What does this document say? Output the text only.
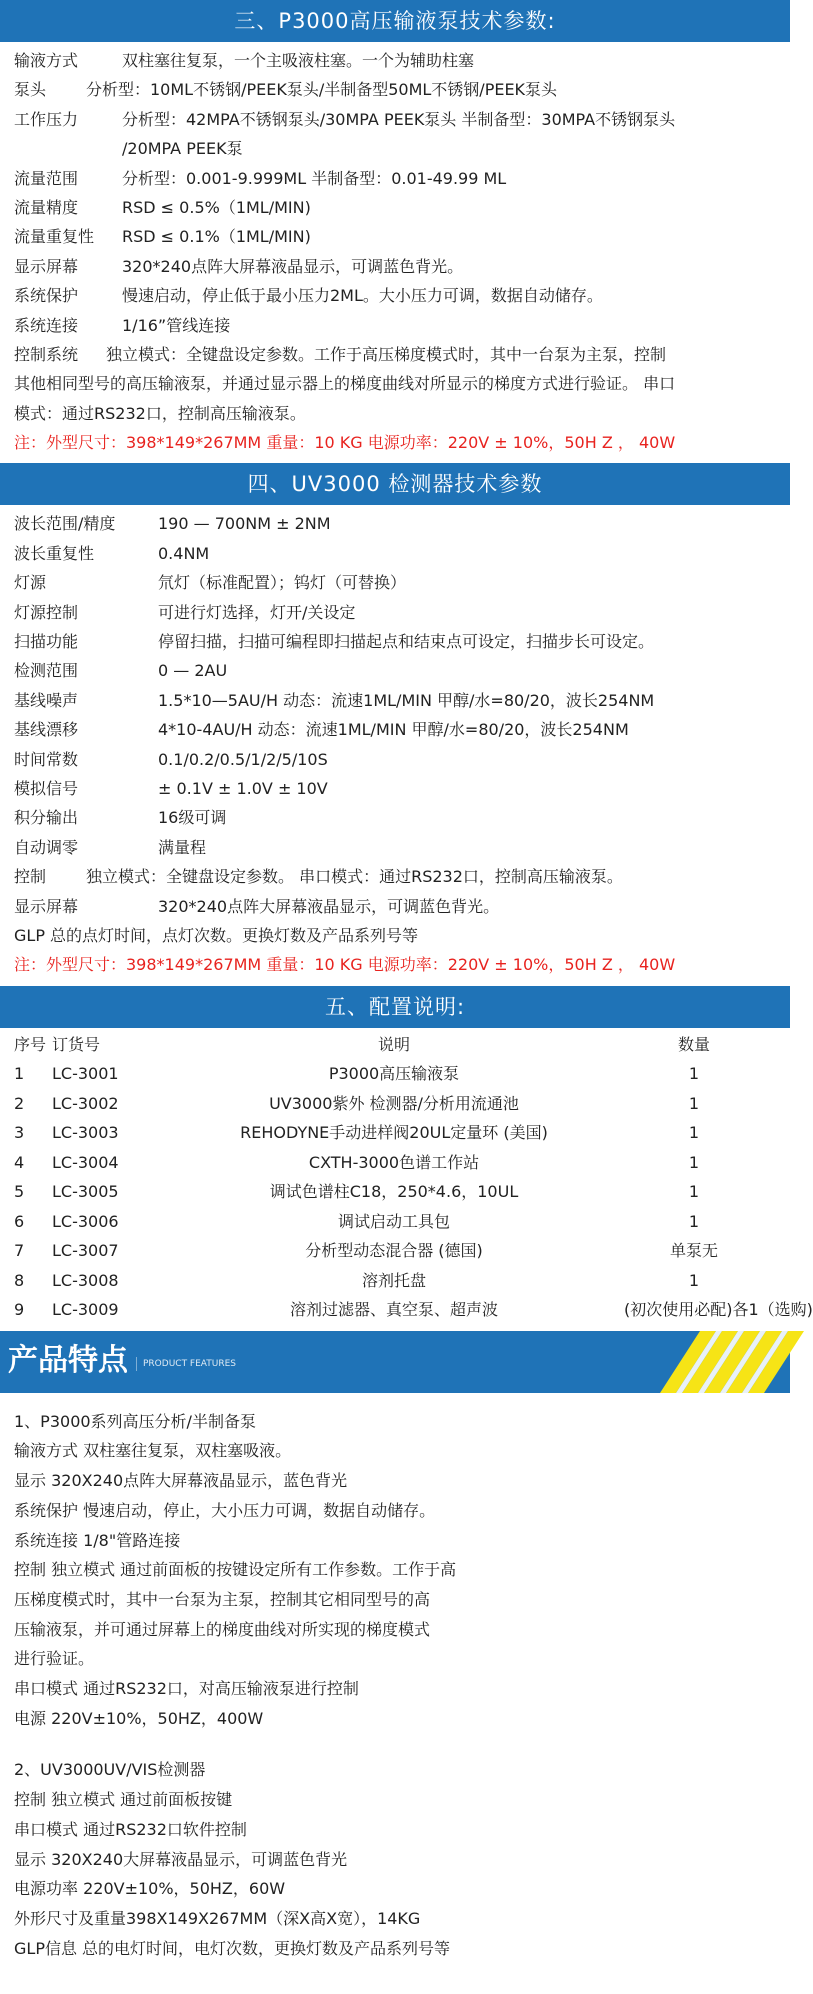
三、P3000高压输液泵技术参数:
输液方式	双柱塞往复泵，一个主吸液柱塞。一个为辅助柱塞
泵头	分析型：10ML不锈钢/PEEK泵头/半制备型50ML不锈钢/PEEK泵头
工作压力	分析型：42MPA不锈钢泵头/30MPA PEEK泵头 半制备型：30MPA不锈钢泵头
/20MPA PEEK泵
流量范围	分析型：0.001-9.999ML 半制备型：0.01-49.99 ML
流量精度	RSD ≤ 0.5%（1ML/MIN)
流量重复性	RSD ≤ 0.1%（1ML/MIN)
显示屏幕	320*240点阵大屏幕液晶显示，可调蓝色背光。
系统保护	慢速启动，停止低于最小压力2ML。大小压力可调，数据自动储存。
系统连接	1/16”管线连接
控制系统	独立模式：全键盘设定参数。工作于高压梯度模式时，其中一台泵为主泵，控制
其他相同型号的高压输液泵，并通过显示器上的梯度曲线对所显示的梯度方式进行验证。 串口
模式：通过RS232口，控制高压输液泵。
注：外型尺寸：398*149*267MM 重量：10 KG 电源功率：220V ± 10%，50H Z ， 40W
四、UV3000 检测器技术参数
波长范围/精度	190 — 700NM ± 2NM
波长重复性	0.4NM
灯源	氘灯（标准配置）；钨灯（可替换）
灯源控制	可进行灯选择，灯开/关设定
扫描功能	停留扫描，扫描可编程即扫描起点和结束点可设定，扫描步长可设定。
检测范围	0 — 2AU
基线噪声	1.5*10—5AU/H 动态：流速1ML/MIN 甲醇/水=80/20，波长254NM
基线漂移	4*10-4AU/H 动态：流速1ML/MIN 甲醇/水=80/20，波长254NM
时间常数	0.1/0.2/0.5/1/2/5/10S
模拟信号	± 0.1V ± 1.0V ± 10V
积分输出	16级可调
自动调零	满量程
控制	独立模式：全键盘设定参数。 串口模式：通过RS232口，控制高压输液泵。
显示屏幕	320*240点阵大屏幕液晶显示，可调蓝色背光。
GLP 总的点灯时间，点灯次数。更换灯数及产品系列号等
注：外型尺寸：398*149*267MM 重量：10 KG 电源功率：220V ± 10%，50H Z ， 40W
五、配置说明:
序号 订货号	说明	数量
1	LC-3001	P3000高压输液泵	1
2	LC-3002	UV3000紫外 检测器/分析用流通池	1
3	LC-3003	REHODYNE手动进样阀20UL定量环 (美国)	1
4	LC-3004	CXTH-3000色谱工作站	1
5	LC-3005	调试色谱柱C18，250*4.6，10UL	1
6	LC-3006	调试启动工具包	1
7	LC-3007	分析型动态混合器 (德国)	单泵无
8	LC-3008	溶剂托盘	1
9	LC-3009	溶剂过滤器、真空泵、超声波	(初次使用必配)各1（选购)
产品特点	PRODUCT FEATURES
1、P3000系列高压分析/半制备泵
输液方式 双柱塞往复泵，双柱塞吸液。
显示 320X240点阵大屏幕液晶显示，蓝色背光
系统保护 慢速启动，停止，大小压力可调，数据自动储存。
系统连接 1/8"管路连接
控制 独立模式 通过前面板的按键设定所有工作参数。工作于高
压梯度模式时，其中一台泵为主泵，控制其它相同型号的高
压输液泵，并可通过屏幕上的梯度曲线对所实现的梯度模式
进行验证。
串口模式 通过RS232口，对高压输液泵进行控制
电源 220V±10%，50HZ，400W
2、UV3000UV/VIS检测器
控制 独立模式 通过前面板按键
串口模式 通过RS232口软件控制
显示 320X240大屏幕液晶显示，可调蓝色背光
电源功率 220V±10%，50HZ，60W
外形尺寸及重量398X149X267MM（深X高X宽），14KG
GLP信息 总的电灯时间，电灯次数，更换灯数及产品系列号等
